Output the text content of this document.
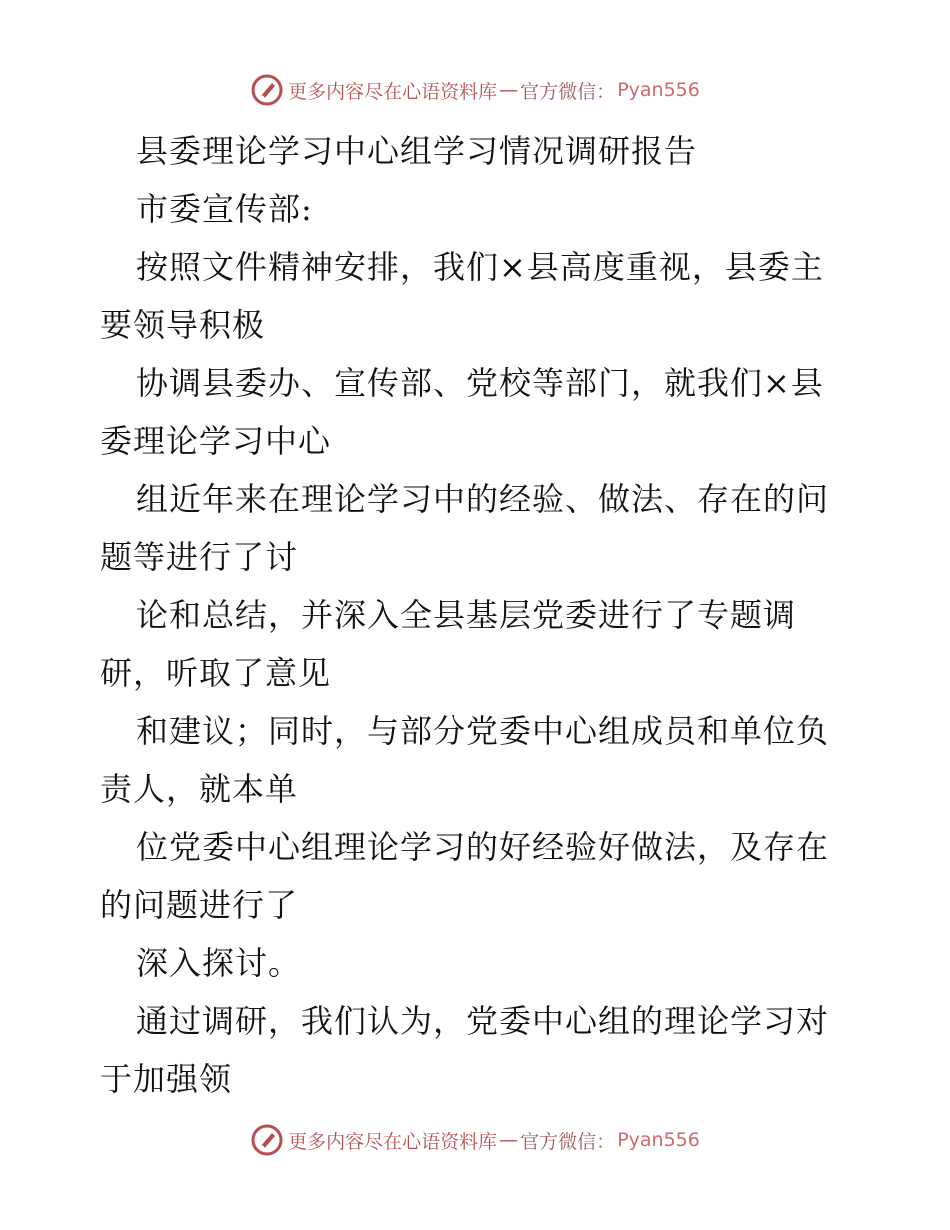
更多内容尽在心语资料库 — 官方微信： Pyan556

县委理论学习中心组学习情况调研报告

市委宣传部:

按照文件精神安排，我们×县高度重视，县委主

要领导积极

协调县委办、宣传部、党校等部门，就我们×县

委理论学习中心

组近年来在理论学习中的经验、做法、存在的问

题等进行了讨

论和总结，并深入全县基层党委进行了专题调

研，听取了意见

和建议；同时，与部分党委中心组成员和单位负

责人，就本单

位党委中心组理论学习的好经验好做法，及存在

的问题进行了

深入探讨。

通过调研，我们认为，党委中心组的理论学习对

于加强领

更多内容尽在心语资料库 — 官方微信： Pyan556
